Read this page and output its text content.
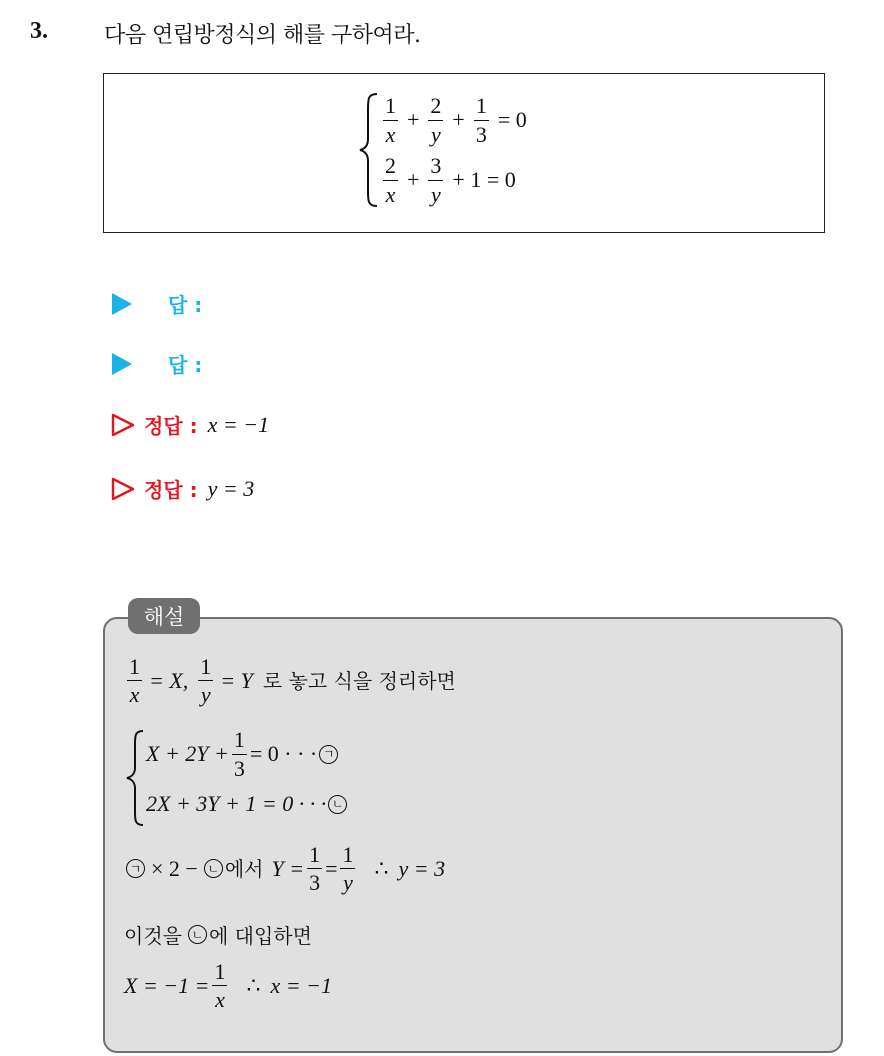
3.	다음 연립방정식의 해를 구하여라.
$\frac{1}{x} + \frac{2}{y} + \frac{1}{3} = 0$
$\frac{2}{x} + \frac{3}{y} + 1 = 0$
답 :
답 :
정답 : x = −1
정답 : y = 3
해설
$\frac{1}{x} = X$, $\frac{1}{y} = Y$ 로 놓고 식을 정리하면
$X + 2Y + \frac{1}{3} = 0$ · · · ㄱ
2X + 3Y + 1 = 0 · · · ㄴ
ㄱ × 2 − ㄴ 에서 $Y = \frac{1}{3} = \frac{1}{y}$ ∴ y = 3
이것을 ㄴ 에 대입하면
$X = -1 = \frac{1}{x}$ ∴ x = −1
